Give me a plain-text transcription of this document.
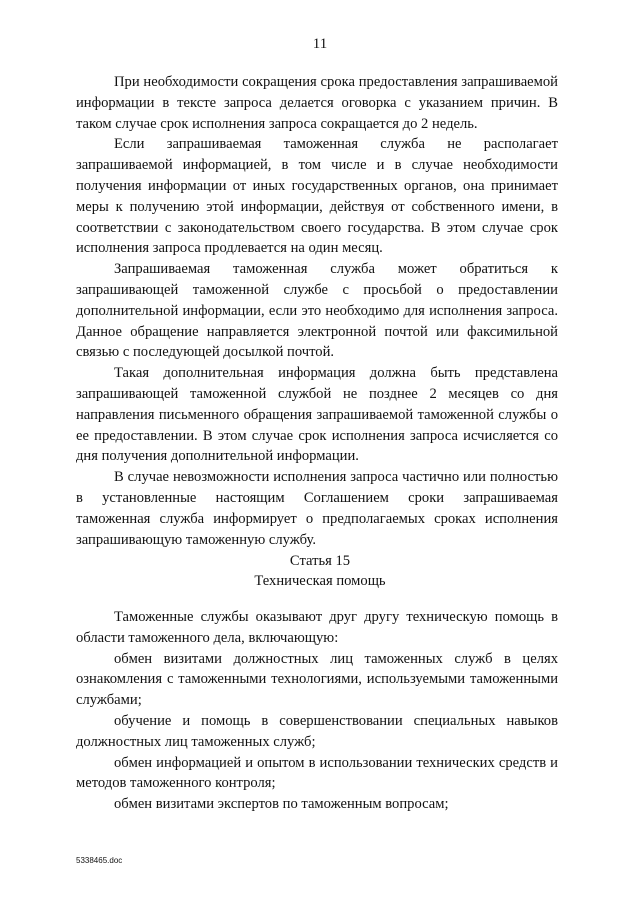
11

При необходимости сокращения срока предоставления запрашиваемой информации в тексте запроса делается оговорка с указанием причин. В таком случае срок исполнения запроса сокращается до 2 недель.

Если запрашиваемая таможенная служба не располагает запрашиваемой информацией, в том числе и в случае необходимости получения информации от иных государственных органов, она принимает меры к получению этой информации, действуя от собственного имени, в соответствии с законодательством своего государства. В этом случае срок исполнения запроса продлевается на один месяц.

Запрашиваемая таможенная служба может обратиться к запрашивающей таможенной службе с просьбой о предоставлении дополнительной информации, если это необходимо для исполнения запроса. Данное обращение направляется электронной почтой или факсимильной связью с последующей досылкой почтой.

Такая дополнительная информация должна быть представлена запрашивающей таможенной службой не позднее 2 месяцев со дня направления письменного обращения запрашиваемой таможенной службы о ее предоставлении. В этом случае срок исполнения запроса исчисляется со дня получения дополнительной информации.

В случае невозможности исполнения запроса частично или полностью в установленные настоящим Соглашением сроки запрашиваемая таможенная служба информирует о предполагаемых сроках исполнения запрашивающую таможенную службу.

Статья 15
Техническая помощь

Таможенные службы оказывают друг другу техническую помощь в области таможенного дела, включающую:

обмен визитами должностных лиц таможенных служб в целях ознакомления с таможенными технологиями, используемыми таможенными службами;

обучение и помощь в совершенствовании специальных навыков должностных лиц таможенных служб;

обмен информацией и опытом в использовании технических средств и методов таможенного контроля;

обмен визитами экспертов по таможенным вопросам;

5338465.doc
